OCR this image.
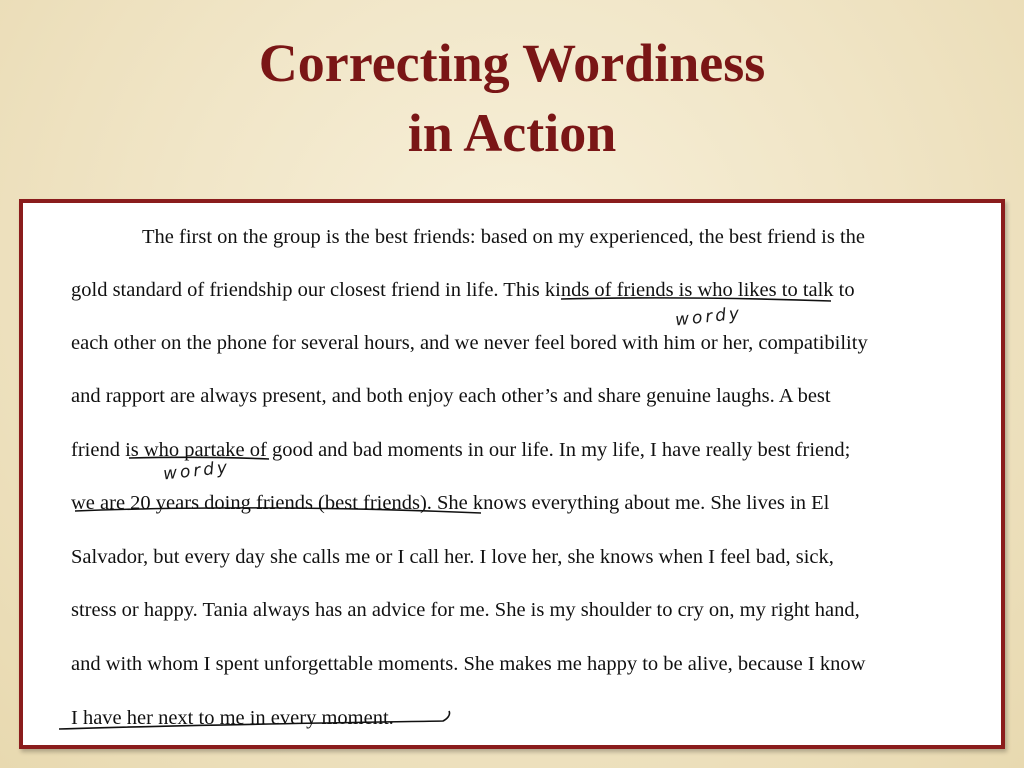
Correcting Wordiness
in Action
The first on the group is the best friends: based on my experienced, the best friend is the
gold standard of friendship our closest friend in life. This kinds of friends is who likes to talk to
each other on the phone for several hours, and we never feel bored with him or her, compatibility
and rapport are always present, and both enjoy each other’s and share genuine laughs. A best
friend is who partake of good and bad moments in our life. In my life, I have really best friend;
we are 20 years doing friends (best friends). She knows everything about me. She lives in El
Salvador, but every day she calls me or I call her. I love her, she knows when I feel bad, sick,
stress or happy. Tania always has an advice for me. She is my shoulder to cry on, my right hand,
and with whom I spent unforgettable moments. She makes me happy to be alive, because I know
I have her next to me in every moment.
wordy
wordy
